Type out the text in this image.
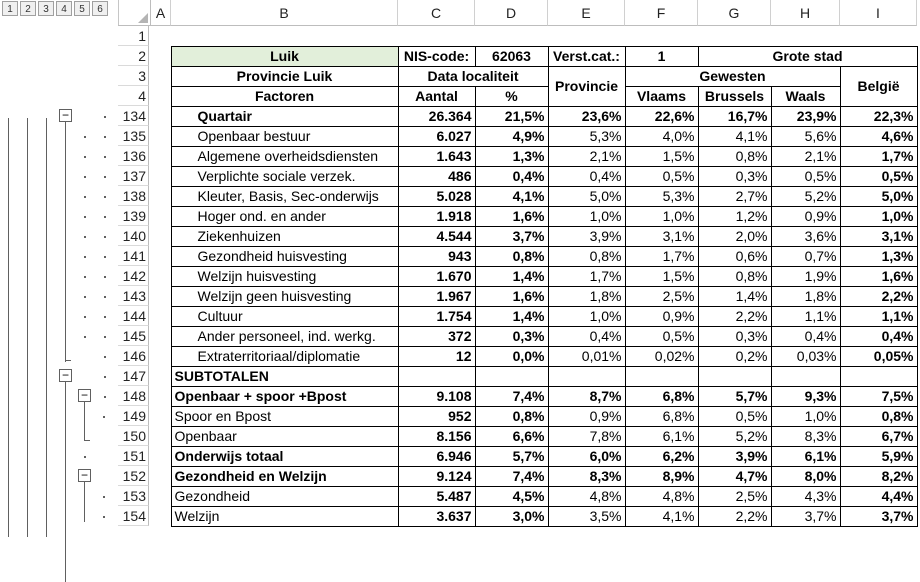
1	2	3	4	5	6
−
−
−
−
A	B	C	D	E	F	G	H	I
1
2
3
4
134
135
136
137
138
139
140
141
142
143
144
145
146
147
148
149
150
151
152
153
154

	Luik	NIS-code:	62063	Verst.cat.:	1	Grote stad		
	Provincie Luik	Data localiteit		Provincie	Gewesten			België
	Factoren	Aantal	%		Vlaams	Brussels	Waals	
	Quartair	26.364	21,5%	23,6%	22,6%	16,7%	23,9%	22,3%
	Openbaar bestuur	6.027	4,9%	5,3%	4,0%	4,1%	5,6%	4,6%
	Algemene overheidsdiensten	1.643	1,3%	2,1%	1,5%	0,8%	2,1%	1,7%
	Verplichte sociale verzek.	486	0,4%	0,4%	0,5%	0,3%	0,5%	0,5%
	Kleuter, Basis, Sec-onderwijs	5.028	4,1%	5,0%	5,3%	2,7%	5,2%	5,0%
	Hoger ond. en ander	1.918	1,6%	1,0%	1,0%	1,2%	0,9%	1,0%
	Ziekenhuizen	4.544	3,7%	3,9%	3,1%	2,0%	3,6%	3,1%
	Gezondheid huisvesting	943	0,8%	0,8%	1,7%	0,6%	0,7%	1,3%
	Welzijn huisvesting	1.670	1,4%	1,7%	1,5%	0,8%	1,9%	1,6%
	Welzijn geen huisvesting	1.967	1,6%	1,8%	2,5%	1,4%	1,8%	2,2%
	Cultuur	1.754	1,4%	1,0%	0,9%	2,2%	1,1%	1,1%
	Ander personeel, ind. werkg.	372	0,3%	0,4%	0,5%	0,3%	0,4%	0,4%
	Extraterritoriaal/diplomatie	12	0,0%	0,01%	0,02%	0,2%	0,03%	0,05%
	SUBTOTALEN							
	Openbaar + spoor +Bpost	9.108	7,4%	8,7%	6,8%	5,7%	9,3%	7,5%
	Spoor en Bpost	952	0,8%	0,9%	6,8%	0,5%	1,0%	0,8%
	Openbaar	8.156	6,6%	7,8%	6,1%	5,2%	8,3%	6,7%
	Onderwijs totaal	6.946	5,7%	6,0%	6,2%	3,9%	6,1%	5,9%
	Gezondheid en Welzijn	9.124	7,4%	8,3%	8,9%	4,7%	8,0%	8,2%
	Gezondheid	5.487	4,5%	4,8%	4,8%	2,5%	4,3%	4,4%
	Welzijn	3.637	3,0%	3,5%	4,1%	2,2%	3,7%	3,7%
